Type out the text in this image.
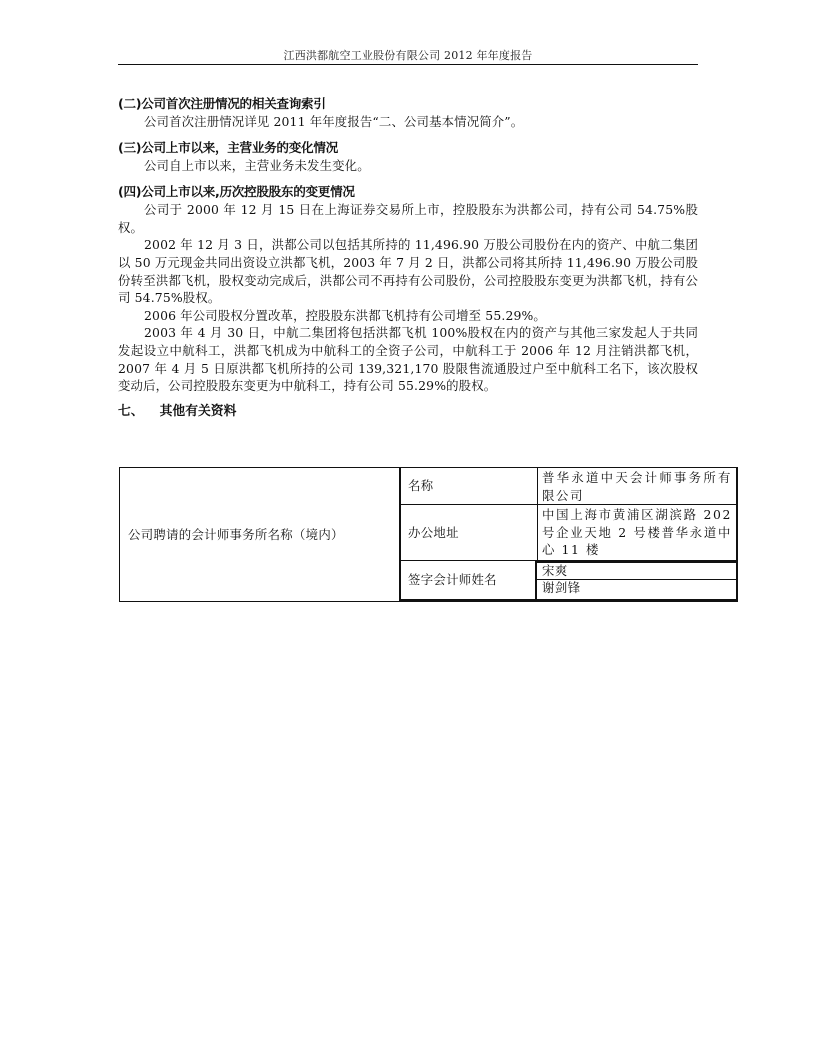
江西洪都航空工业股份有限公司 2012 年年度报告

(二)公司首次注册情况的相关查询索引

公司首次注册情况详见 2011 年年度报告“二、公司基本情况简介”。

(三)公司上市以来，主营业务的变化情况

公司自上市以来，主营业务未发生变化。

(四)公司上市以来,历次控股股东的变更情况

公司于 2000 年 12 月 15 日在上海证券交易所上市，控股股东为洪都公司，持有公司 54.75%股权。

2002 年 12 月 3 日，洪都公司以包括其所持的 11,496.90 万股公司股份在内的资产、中航二集团以 50 万元现金共同出资设立洪都飞机，2003 年 7 月 2 日，洪都公司将其所持 11,496.90 万股公司股份转至洪都飞机，股权变动完成后，洪都公司不再持有公司股份，公司控股股东变更为洪都飞机，持有公司 54.75%股权。

2006 年公司股权分置改革，控股股东洪都飞机持有公司增至 55.29%。

2003 年 4 月 30 日，中航二集团将包括洪都飞机 100%股权在内的资产与其他三家发起人于共同发起设立中航科工，洪都飞机成为中航科工的全资子公司，中航科工于 2006 年 12 月注销洪都飞机，2007 年 4 月 5 日原洪都飞机所持的公司 139,321,170 股限售流通股过户至中航科工名下，该次股权变动后，公司控股股东变更为中航科工，持有公司 55.29%的股权。

七、 其他有关资料

公司聘请的会计师事务所名称（境内）
名称
普华永道中天会计师事务所有限公司
办公地址
中国上海市黄浦区湖滨路 202 号企业天地 2 号楼普华永道中心 11 楼
签字会计师姓名
宋爽
谢剑锋
